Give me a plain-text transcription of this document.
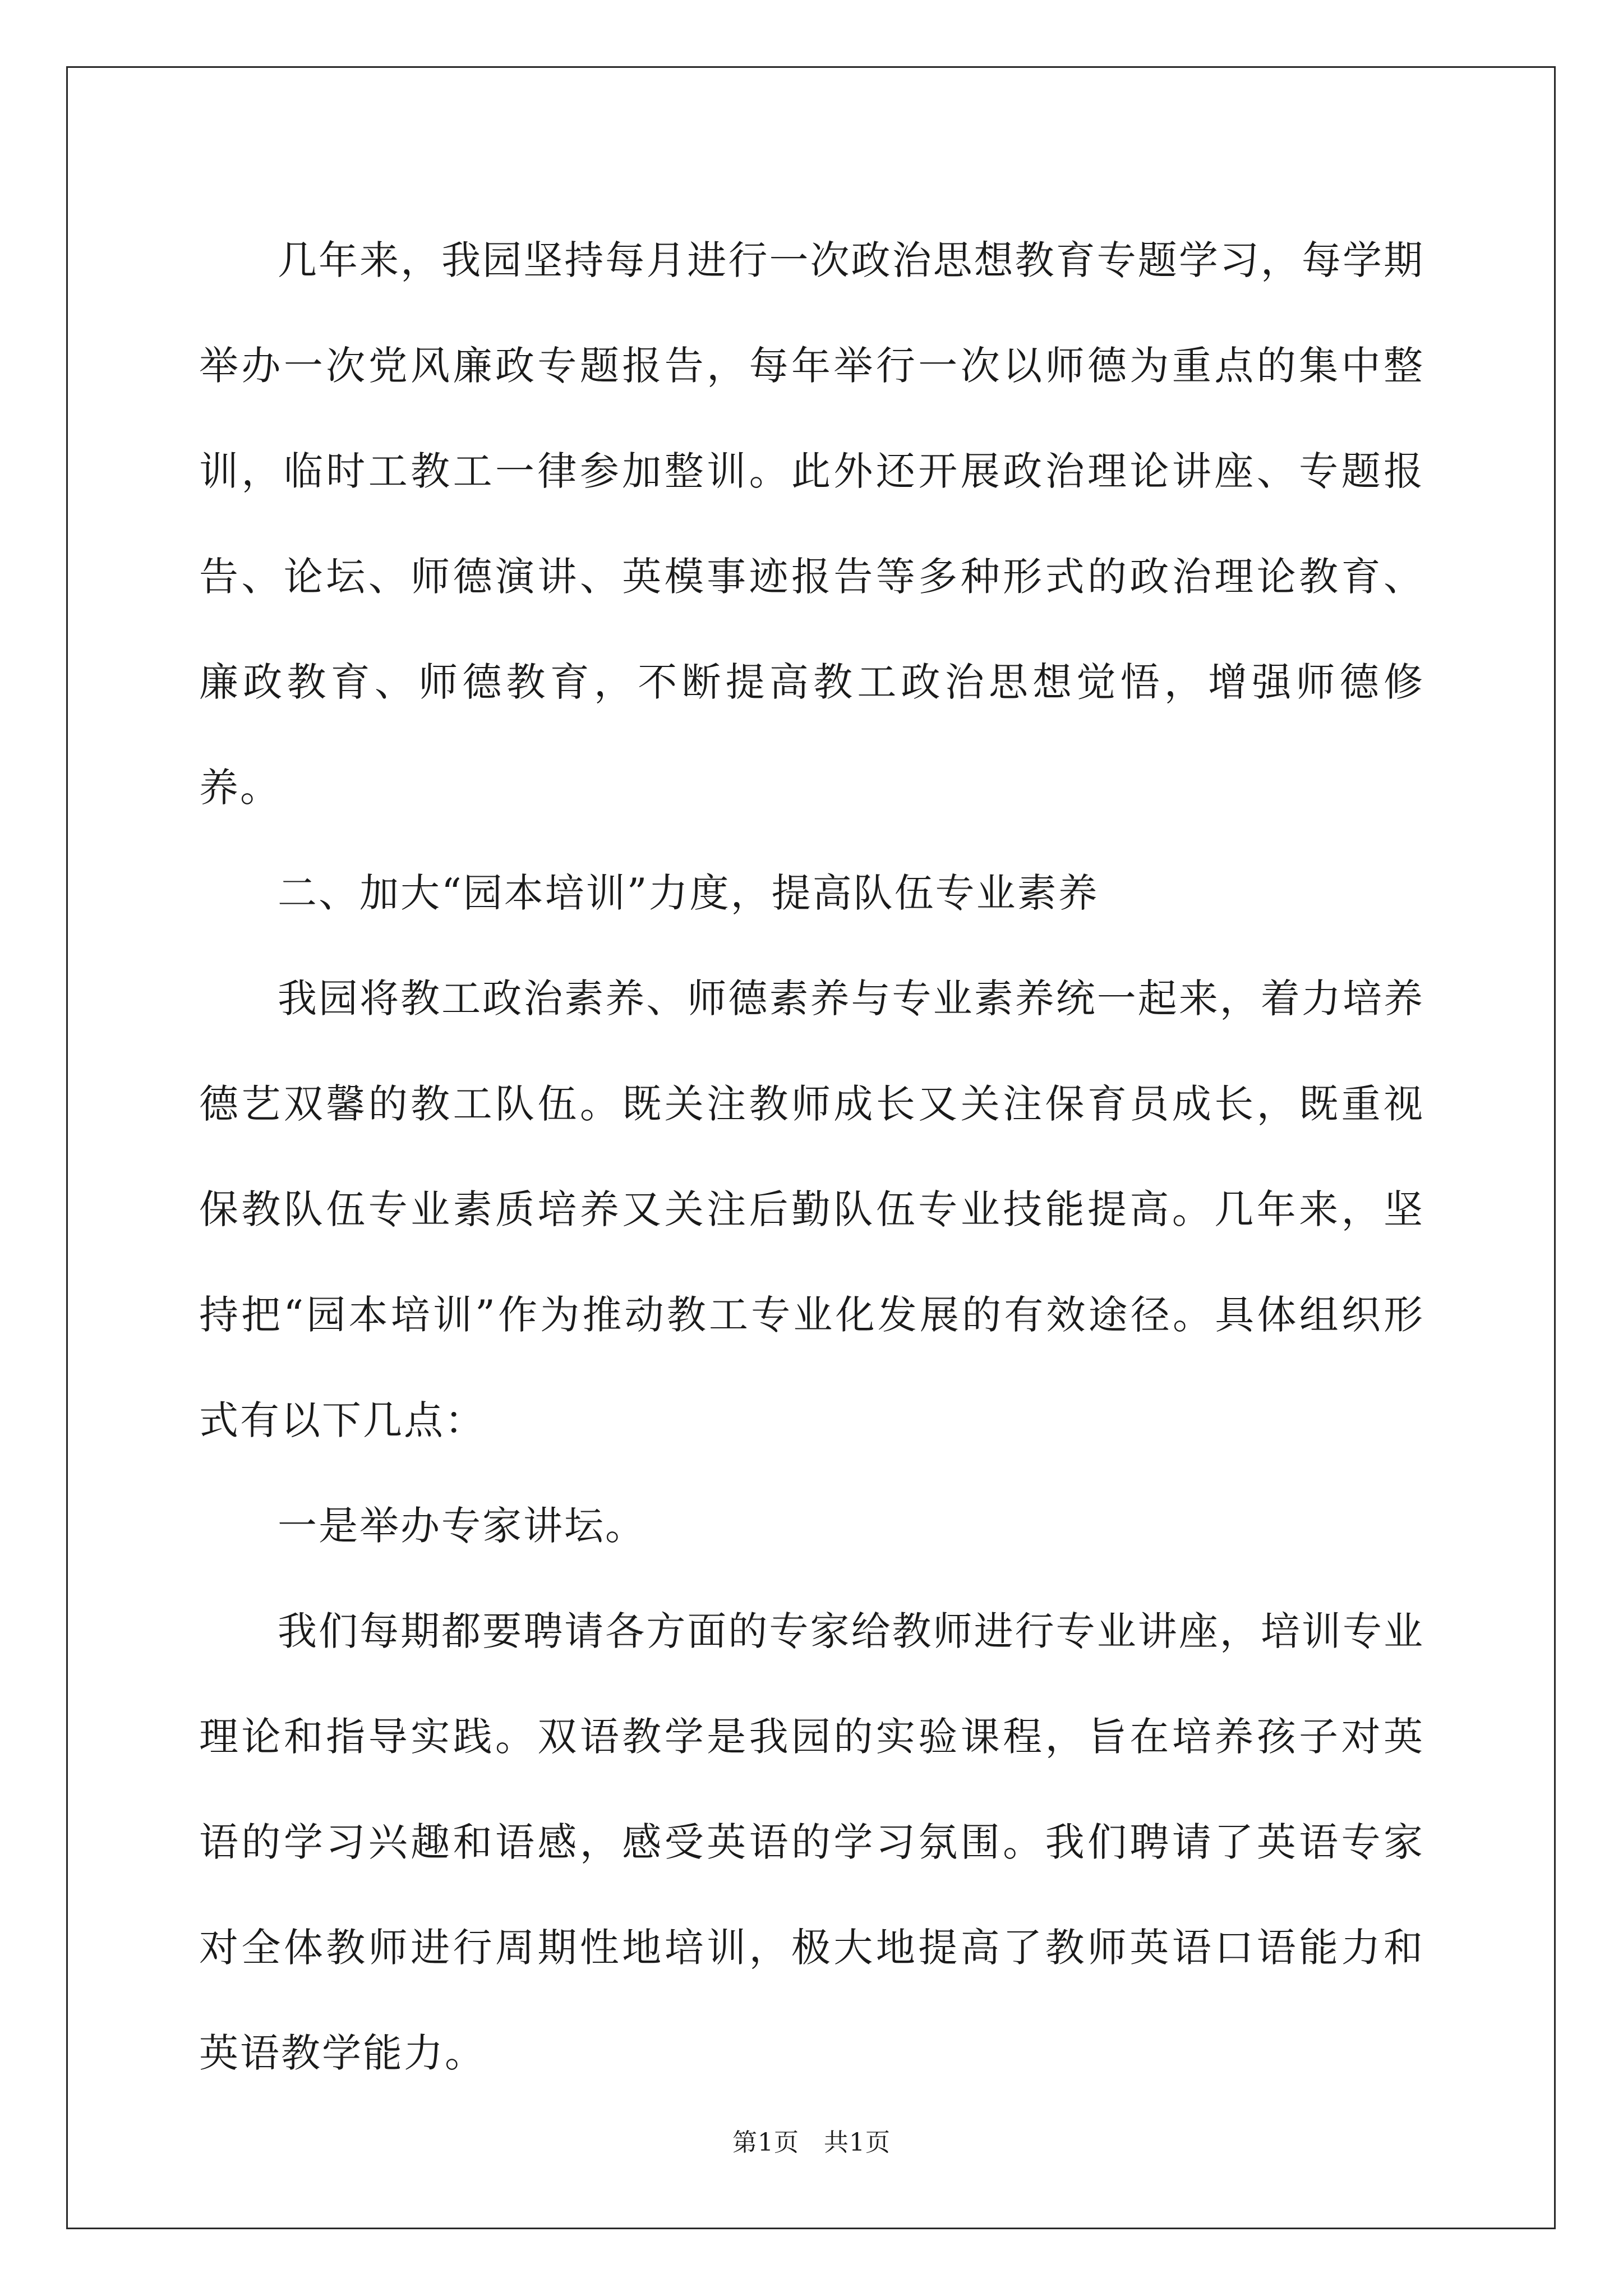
几年来，我园坚持每月进行一次政治思想教育专题学习，每学期举办一次党风廉政专题报告，每年举行一次以师德为重点的集中整训，临时工教工一律参加整训。此外还开展政治理论讲座、专题报告、论坛、师德演讲、英模事迹报告等多种形式的政治理论教育、廉政教育、师德教育，不断提高教工政治思想觉悟，增强师德修养。

二、加大“园本培训”力度，提高队伍专业素养

我园将教工政治素养、师德素养与专业素养统一起来，着力培养德艺双馨的教工队伍。既关注教师成长又关注保育员成长，既重视保教队伍专业素质培养又关注后勤队伍专业技能提高。几年来，坚持把“园本培训”作为推动教工专业化发展的有效途径。具体组织形式有以下几点：

一是举办专家讲坛。

我们每期都要聘请各方面的专家给教师进行专业讲座，培训专业理论和指导实践。双语教学是我园的实验课程，旨在培养孩子对英语的学习兴趣和语感，感受英语的学习氛围。我们聘请了英语专家对全体教师进行周期性地培训，极大地提高了教师英语口语能力和英语教学能力。

第1页 共1页
